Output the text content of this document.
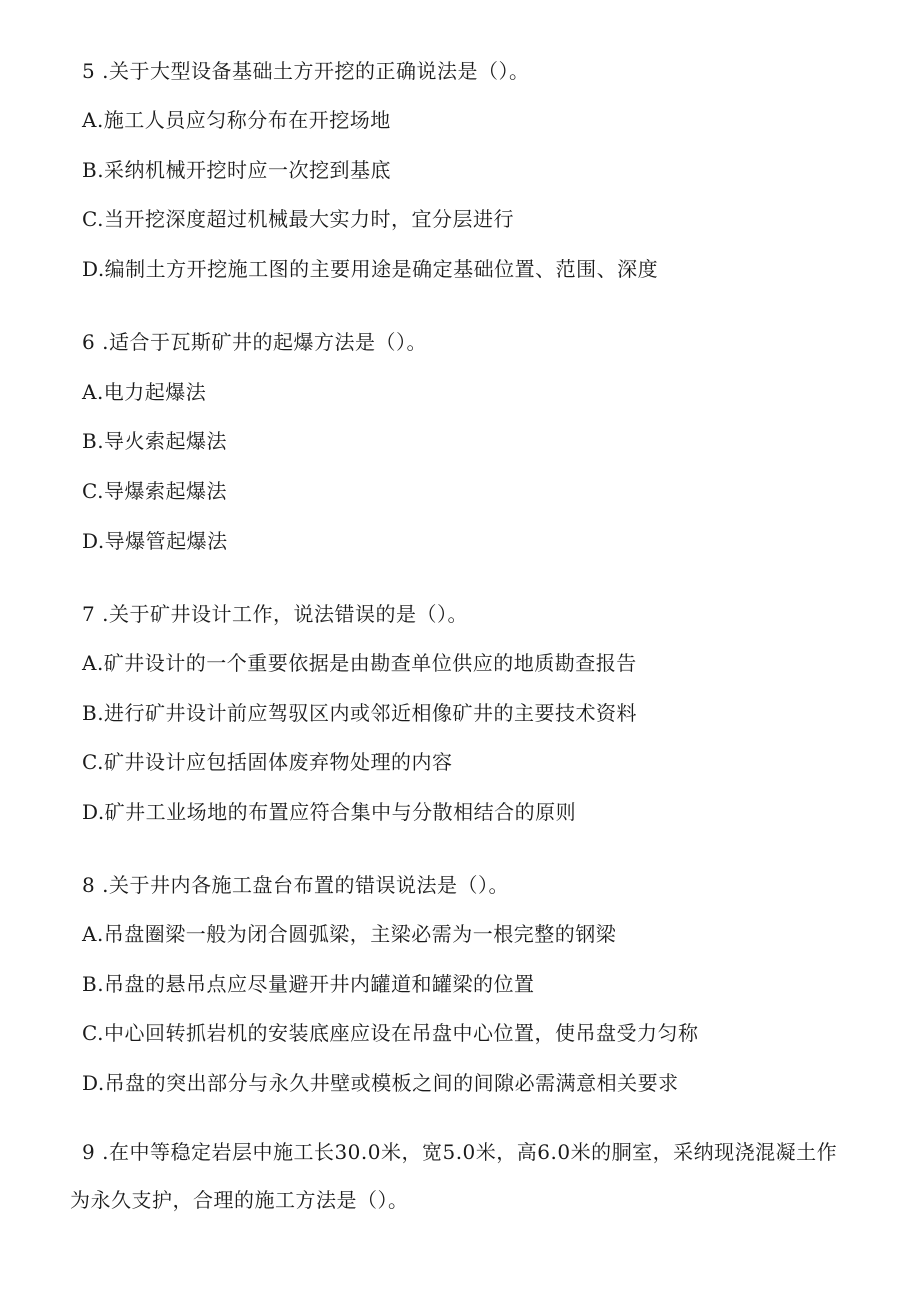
5 .关于大型设备基础土方开挖的正确说法是（）。
A.施工人员应匀称分布在开挖场地
B.采纳机械开挖时应一次挖到基底
C.当开挖深度超过机械最大实力时，宜分层进行
D.编制土方开挖施工图的主要用途是确定基础位置、范围、深度
6 .适合于瓦斯矿井的起爆方法是（）。
A.电力起爆法
B.导火索起爆法
C.导爆索起爆法
D.导爆管起爆法
7 .关于矿井设计工作，说法错误的是（）。
A.矿井设计的一个重要依据是由勘查单位供应的地质勘查报告
B.进行矿井设计前应驾驭区内或邻近相像矿井的主要技术资料
C.矿井设计应包括固体废弃物处理的内容
D.矿井工业场地的布置应符合集中与分散相结合的原则
8 .关于井内各施工盘台布置的错误说法是（）。
A.吊盘圈梁一般为闭合圆弧梁，主梁必需为一根完整的钢梁
B.吊盘的悬吊点应尽量避开井内罐道和罐梁的位置
C.中心回转抓岩机的安装底座应设在吊盘中心位置，使吊盘受力匀称
D.吊盘的突出部分与永久井壁或模板之间的间隙必需满意相关要求
9 .在中等稳定岩层中施工长30.0米，宽5.0米，高6.0米的胴室，采纳现浇混凝土作
为永久支护，合理的施工方法是（）。
